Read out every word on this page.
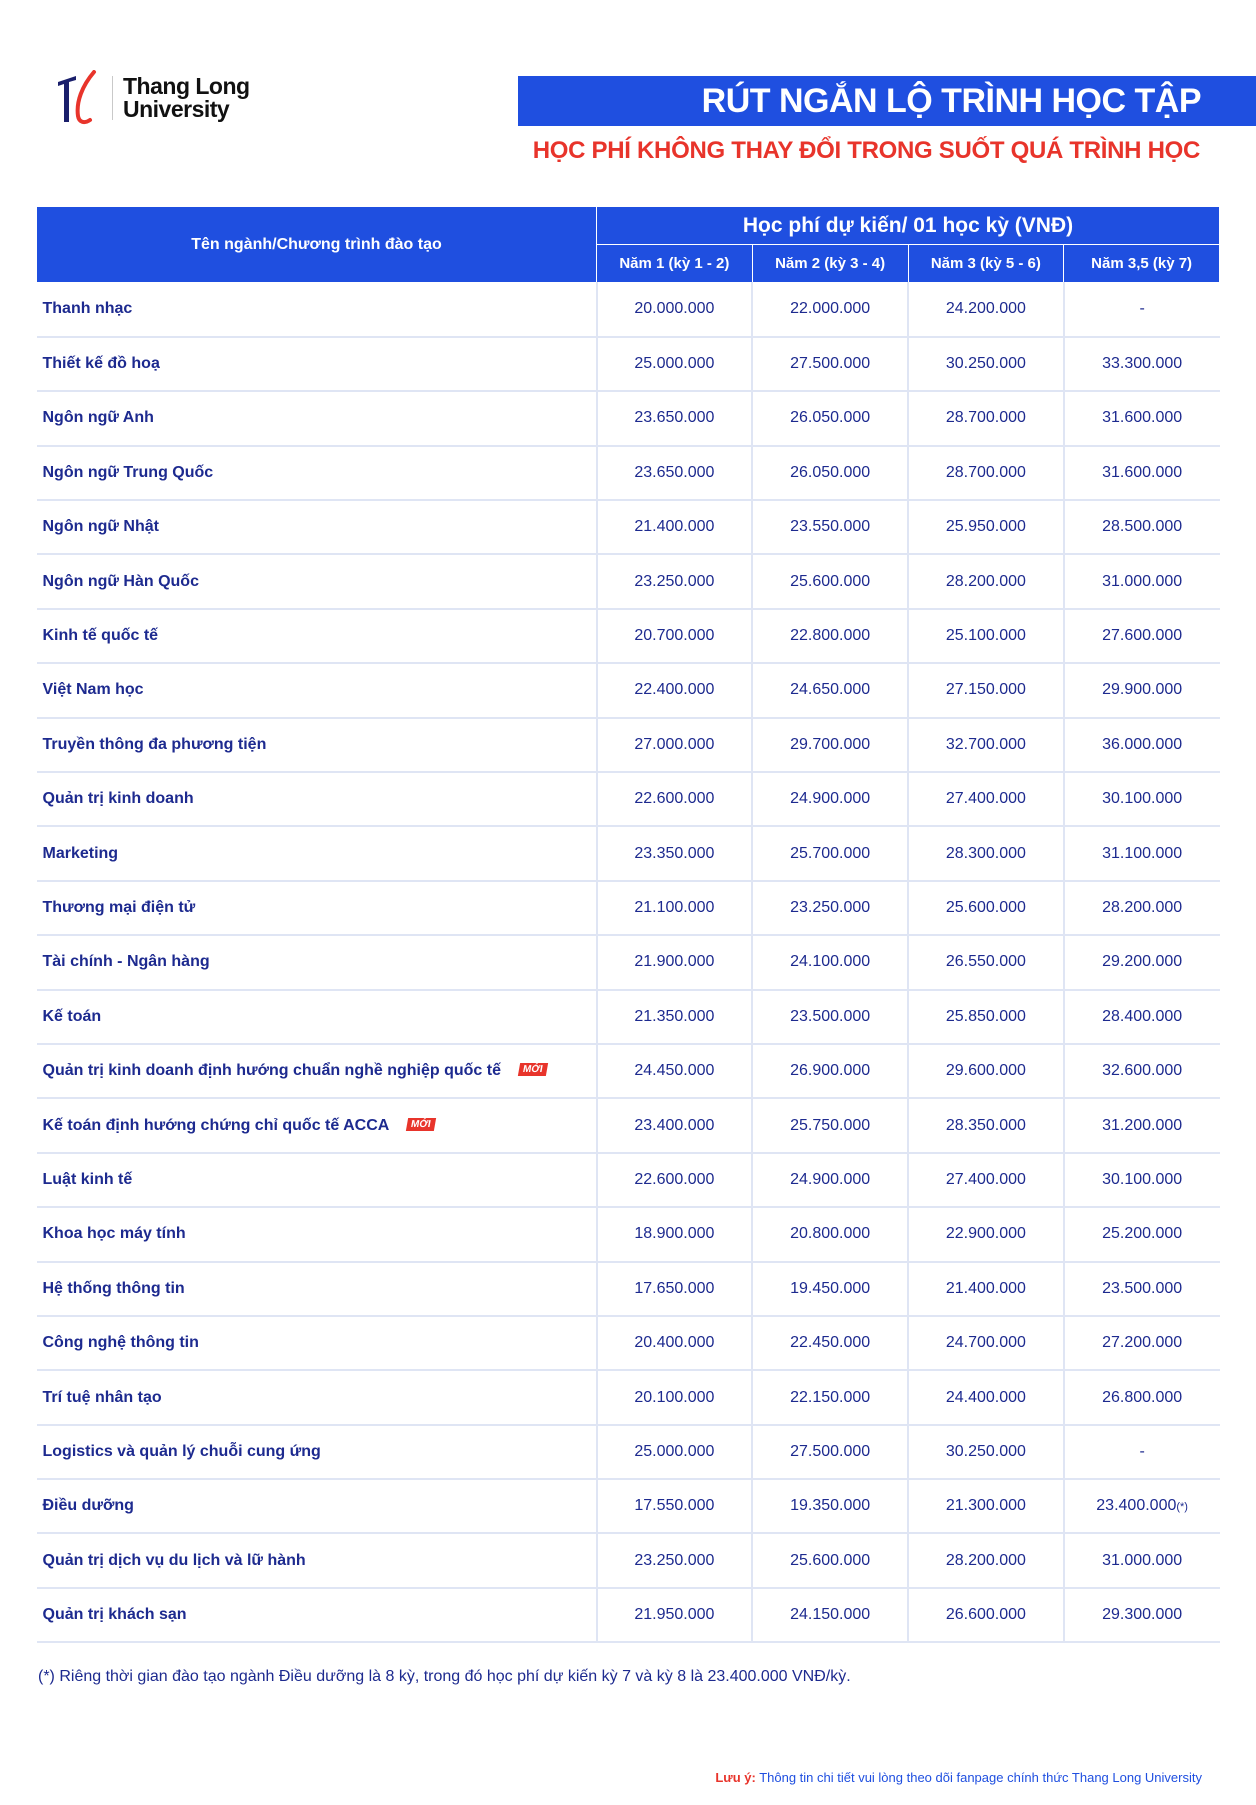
Thang Long
University	RÚT NGẮN LỘ TRÌNH HỌC TẬP
HỌC PHÍ KHÔNG THAY ĐỔI TRONG SUỐT QUÁ TRÌNH HỌC
Tên ngành/Chương trình đào tạo	Học phí dự kiến/ 01 học kỳ (VNĐ)			
	Năm 1 (kỳ 1 - 2)	Năm 2 (kỳ 3 - 4)	Năm 3 (kỳ 5 - 6)	Năm 3,5 (kỳ 7)
Thanh nhạc	20.000.000	22.000.000	24.200.000	-
Thiết kế đồ hoạ	25.000.000	27.500.000	30.250.000	33.300.000
Ngôn ngữ Anh	23.650.000	26.050.000	28.700.000	31.600.000
Ngôn ngữ Trung Quốc	23.650.000	26.050.000	28.700.000	31.600.000
Ngôn ngữ Nhật	21.400.000	23.550.000	25.950.000	28.500.000
Ngôn ngữ Hàn Quốc	23.250.000	25.600.000	28.200.000	31.000.000
Kinh tế quốc tế	20.700.000	22.800.000	25.100.000	27.600.000
Việt Nam học	22.400.000	24.650.000	27.150.000	29.900.000
Truyền thông đa phương tiện	27.000.000	29.700.000	32.700.000	36.000.000
Quản trị kinh doanh	22.600.000	24.900.000	27.400.000	30.100.000
Marketing	23.350.000	25.700.000	28.300.000	31.100.000
Thương mại điện tử	21.100.000	23.250.000	25.600.000	28.200.000
Tài chính - Ngân hàng	21.900.000	24.100.000	26.550.000	29.200.000
Kế toán	21.350.000	23.500.000	25.850.000	28.400.000
Quản trị kinh doanh định hướng chuẩn nghề nghiệp quốc tế MỚI	24.450.000	26.900.000	29.600.000	32.600.000
Kế toán định hướng chứng chỉ quốc tế ACCA MỚI	23.400.000	25.750.000	28.350.000	31.200.000
Luật kinh tế	22.600.000	24.900.000	27.400.000	30.100.000
Khoa học máy tính	18.900.000	20.800.000	22.900.000	25.200.000
Hệ thống thông tin	17.650.000	19.450.000	21.400.000	23.500.000
Công nghệ thông tin	20.400.000	22.450.000	24.700.000	27.200.000
Trí tuệ nhân tạo	20.100.000	22.150.000	24.400.000	26.800.000
Logistics và quản lý chuỗi cung ứng	25.000.000	27.500.000	30.250.000	-
Điều dưỡng	17.550.000	19.350.000	21.300.000	23.400.000(*)
Quản trị dịch vụ du lịch và lữ hành	23.250.000	25.600.000	28.200.000	31.000.000
Quản trị khách sạn	21.950.000	24.150.000	26.600.000	29.300.000
(*) Riêng thời gian đào tạo ngành Điều dưỡng là 8 kỳ, trong đó học phí dự kiến kỳ 7 và kỳ 8 là 23.400.000 VNĐ/kỳ.
Lưu ý: Thông tin chi tiết vui lòng theo dõi fanpage chính thức Thang Long University
